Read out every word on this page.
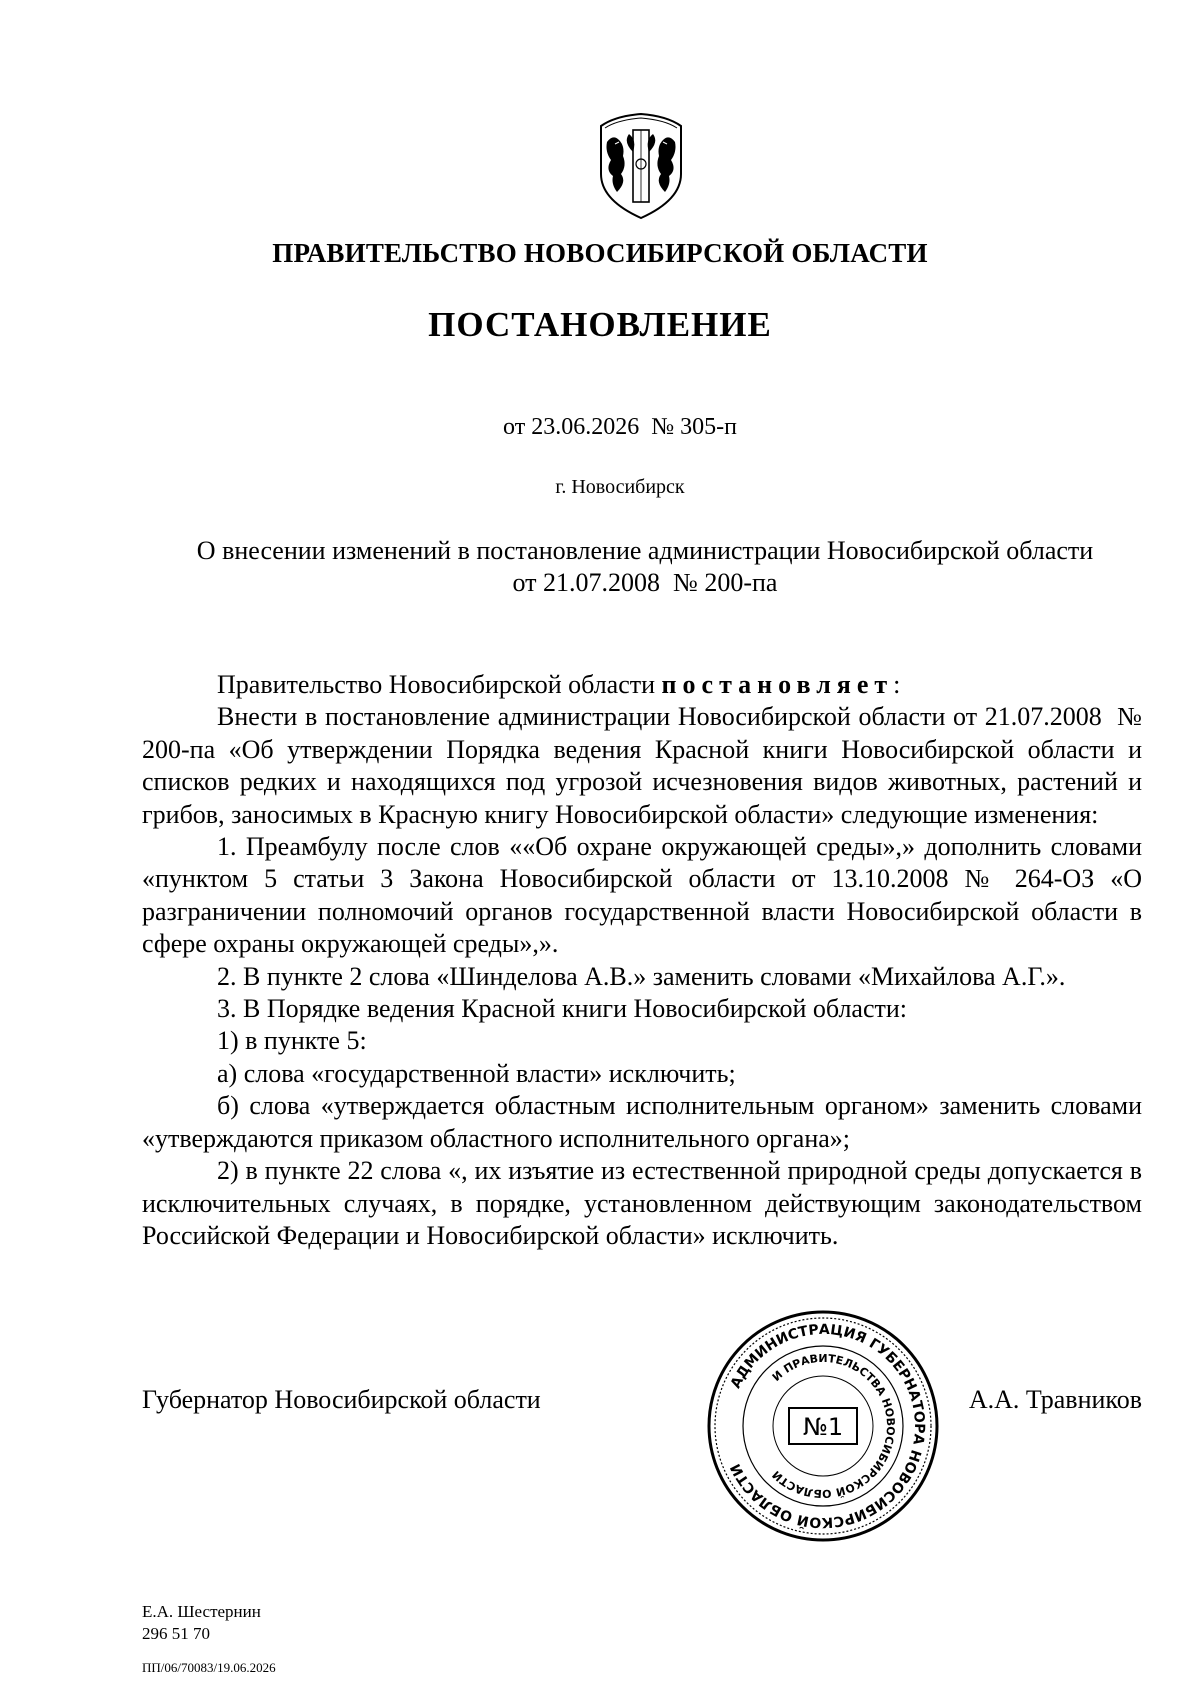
ПРАВИТЕЛЬСТВО НОВОСИБИРСКОЙ ОБЛАСТИ
ПОСТАНОВЛЕНИЕ
от 23.06.2026  № 305-п
г. Новосибирск
О внесении изменений в постановление администрации Новосибирской области
от 21.07.2008  № 200-па

Правительство Новосибирской области постановляет:

Внести в постановление администрации Новосибирской области от 21.07.2008  № 200-па «Об утверждении Порядка ведения Красной книги Новосибирской области и списков редких и находящихся под угрозой исчезновения видов животных, растений и грибов, заносимых в Красную книгу Новосибирской области» следующие изменения:

1. Преамбулу после слов ««Об охране окружающей среды»,» дополнить словами «пунктом 5 статьи 3 Закона Новосибирской области от 13.10.2008 № 264-ОЗ «О разграничении полномочий органов государственной власти Новосибирской области в сфере охраны окружающей среды»,».

2. В пункте 2 слова «Шинделова А.В.» заменить словами «Михайлова А.Г.».

3. В Порядке ведения Красной книги Новосибирской области:

1) в пункте 5:

а) слова «государственной власти» исключить;

б) слова «утверждается областным исполнительным органом» заменить словами «утверждаются приказом областного исполнительного органа»;

2) в пункте 22 слова «, их изъятие из естественной природной среды допускается в исключительных случаях, в порядке, установленном действующим законодательством Российской Федерации и Новосибирской области» исключить.

Губернатор Новосибирской области
АДМИНИСТРАЦИЯ ГУБЕРНАТОРА НОВОСИБИРСКОЙ ОБЛАСТИ
И ПРАВИТЕЛЬСТВА НОВОСИБИРСКОЙ ОБЛАСТИ
№1
А.А. Травников
Е.А. Шестернин
296 51 70
ПП/06/70083/19.06.2026
